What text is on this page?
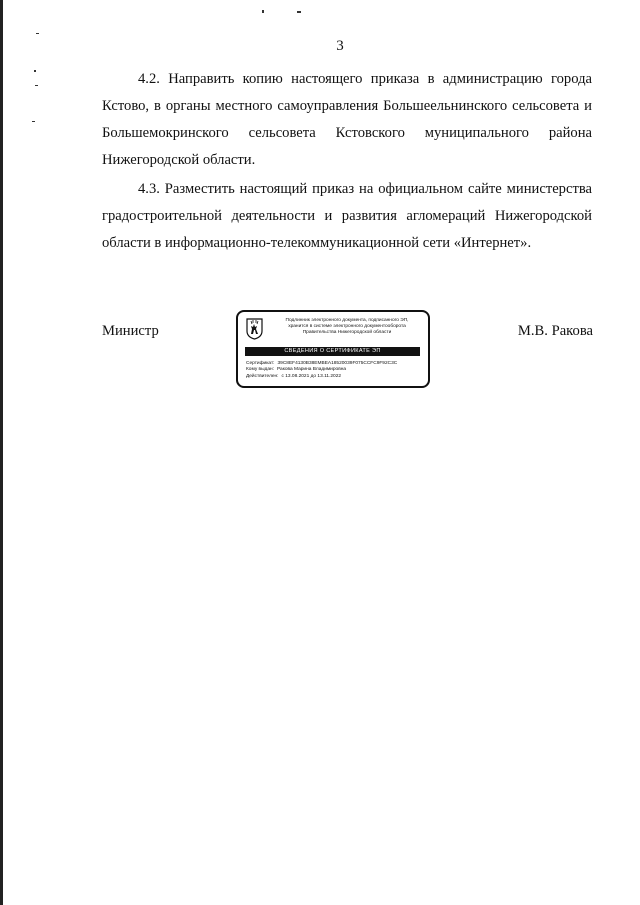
3

4.2. Направить копию настоящего приказа в администрацию города Кстово, в органы местного самоуправления Большеельнинского сельсовета и Большемокринского сельсовета Кстовского муниципального района Нижегородской области.

4.3. Разместить настоящий приказ на официальном сайте министерства градостроительной деятельности и развития агломераций Нижегородской области в информационно-телекоммуникационной сети «Интернет».

Министр	М.В. Ракова
Подлинник электронного документа, подписанного ЭП,
хранится в системе электронного документооборота
Правительства Нижегородской области
СВЕДЕНИЯ О СЕРТИФИКАТЕ ЭП
Сертификат: 39C8EF4130B38EMBEA18520039F075CCFC9F92C3C
Кому выдан: Ракова Марина Владимировна
Действителен: с 13.08.2021 до 13.11.2022
